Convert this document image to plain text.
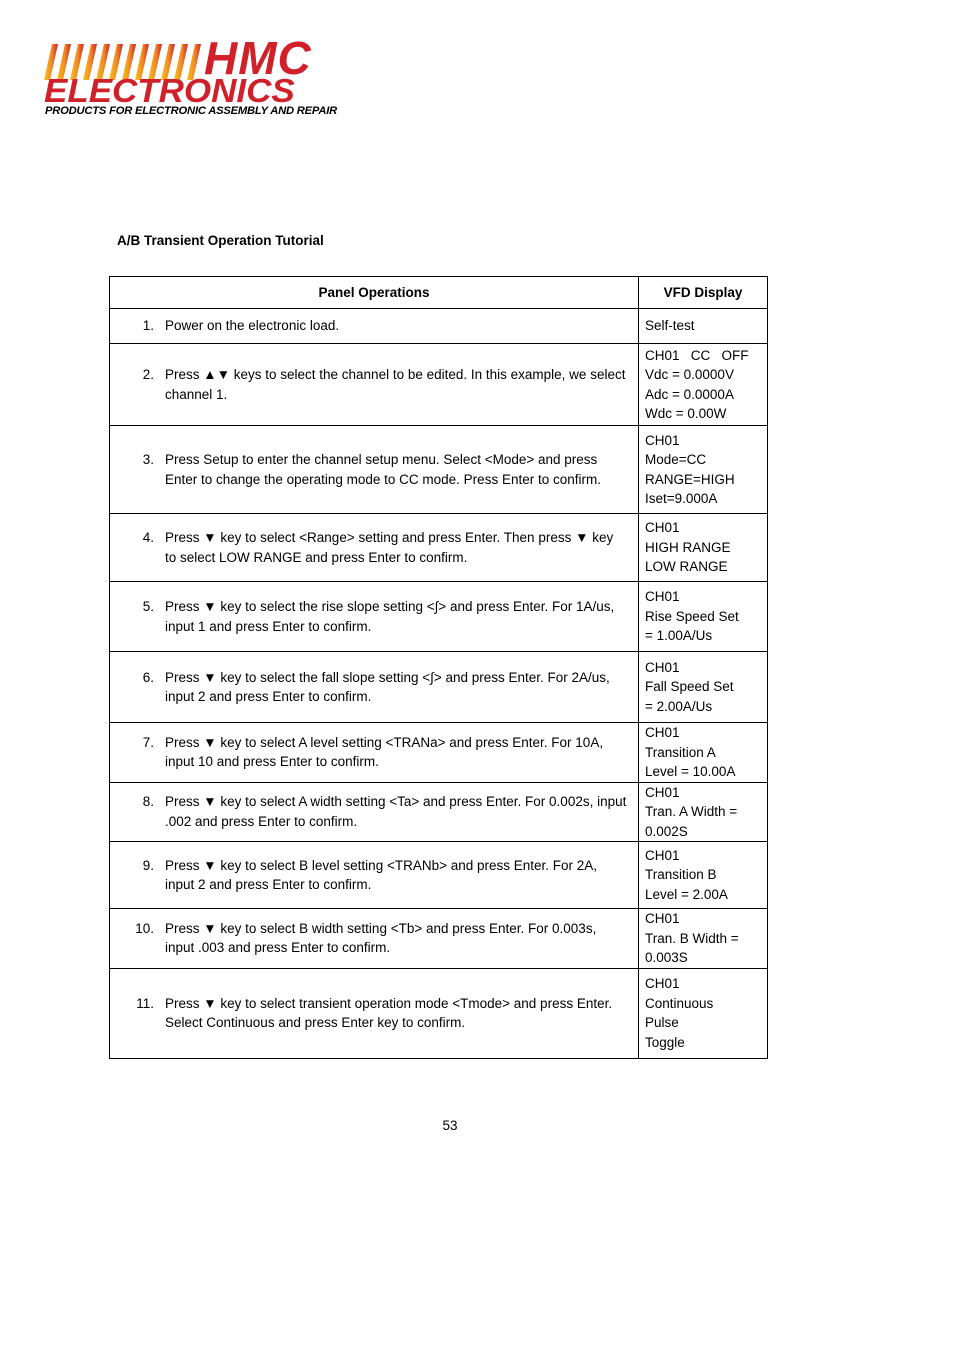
HMC
ELECTRONICS
PRODUCTS FOR ELECTRONIC ASSEMBLY AND REPAIR
A/B Transient Operation Tutorial
Panel Operations	VFD Display

1. Power on the electronic load.	Self-test

2. Press ▲▼ keys to select the channel to be edited. In this example, we select channel 1.	CH01   CC   OFF
Vdc = 0.0000V
Adc = 0.0000A
Wdc = 0.00W

3. Press Setup to enter the channel setup menu. Select <Mode> and press Enter to change the operating mode to CC mode. Press Enter to confirm.	CH01
Mode=CC
RANGE=HIGH
Iset=9.000A

4. Press ▼ key to select <Range> setting and press Enter. Then press ▼ key to select LOW RANGE and press Enter to confirm.	CH01
HIGH RANGE
LOW RANGE

5. Press ▼ key to select the rise slope setting <∫> and press Enter. For 1A/us, input 1 and press Enter to confirm.	CH01
Rise Speed Set
= 1.00A/Us

6. Press ▼ key to select the fall slope setting <∫> and press Enter. For 2A/us, input 2 and press Enter to confirm.	CH01
Fall Speed Set
= 2.00A/Us

7. Press ▼ key to select A level setting <TRANa> and press Enter. For 10A, input 10 and press Enter to confirm.	CH01
Transition A
Level = 10.00A

8. Press ▼ key to select A width setting <Ta> and press Enter. For 0.002s, input .002 and press Enter to confirm.	CH01
Tran. A Width =
0.002S

9. Press ▼ key to select B level setting <TRANb> and press Enter. For 2A, input 2 and press Enter to confirm.	CH01
Transition B
Level = 2.00A

10. Press ▼ key to select B width setting <Tb> and press Enter. For 0.003s, input .003 and press Enter to confirm.	CH01
Tran. B Width =
0.003S

11. Press ▼ key to select transient operation mode <Tmode> and press Enter. Select Continuous and press Enter key to confirm.	CH01
Continuous
Pulse
Toggle
53
